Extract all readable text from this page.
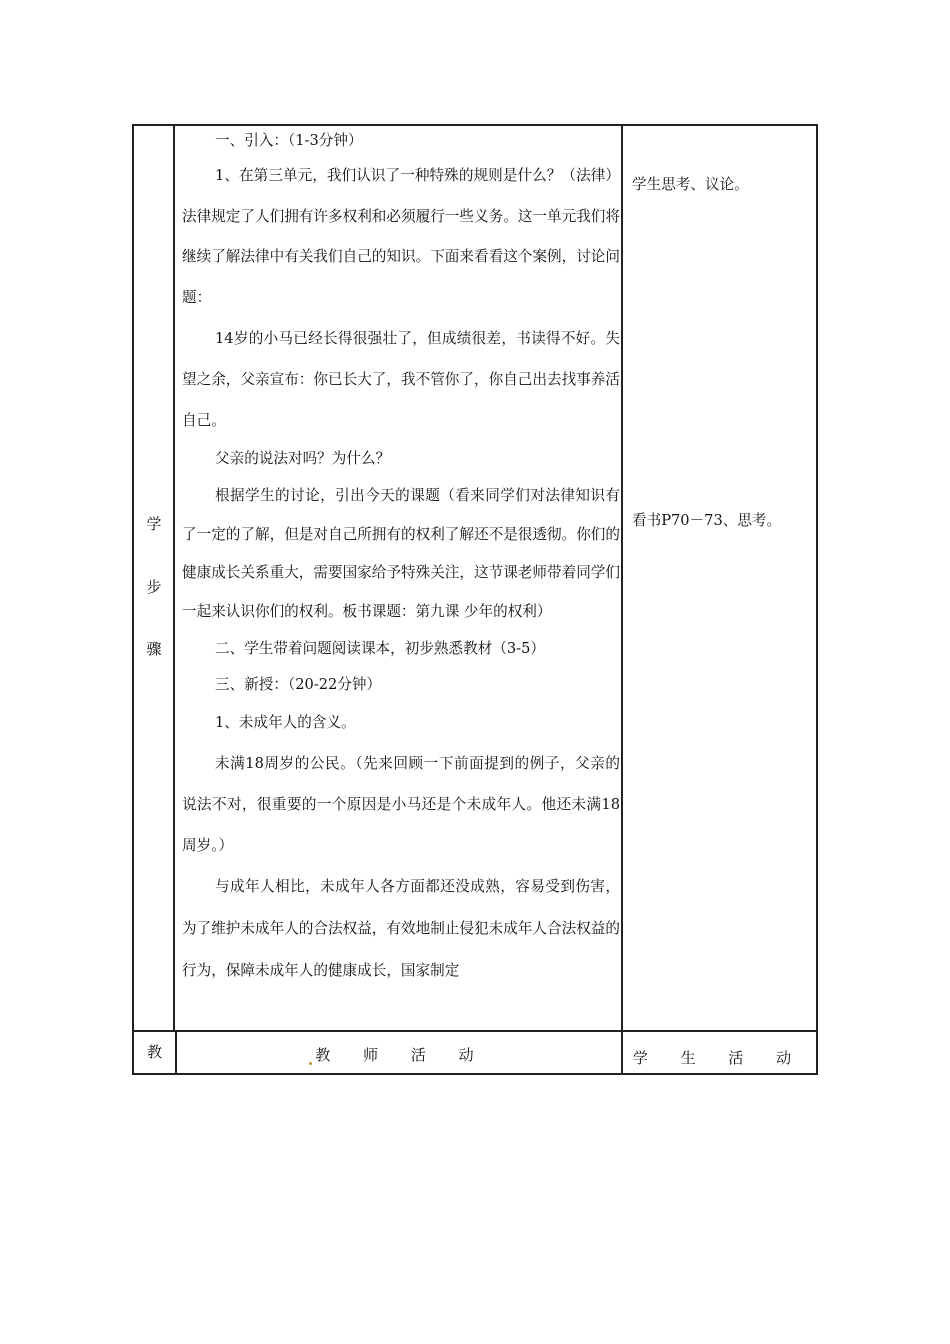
学
步
骤

一、引入：（1-3分钟）

1、在第三单元，我们认识了一种特殊的规则是什么？（法律）法律规定了人们拥有许多权利和必须履行一些义务。这一单元我们将继续了解法律中有关我们自己的知识。下面来看看这个案例，讨论问题：

14岁的小马已经长得很强壮了，但成绩很差，书读得不好。失望之余，父亲宣布：你已长大了，我不管你了，你自己出去找事养活自己。

父亲的说法对吗？为什么？

根据学生的讨论，引出今天的课题（看来同学们对法律知识有了一定的了解，但是对自己所拥有的权利了解还不是很透彻。你们的健康成长关系重大，需要国家给予特殊关注，这节课老师带着同学们一起来认识你们的权利。板书课题：第九课 少年的权利）

二、学生带着问题阅读课本，初步熟悉教材（3-5）

三、新授：（20-22分钟）

1、未成年人的含义。

未满18周岁的公民。（先来回顾一下前面提到的例子，父亲的说法不对，很重要的一个原因是小马还是个未成年人。他还未满18周岁。）

与成年人相比，未成年人各方面都还没成熟，容易受到伤害，为了维护未成年人的合法权益，有效地制止侵犯未成年人合法权益的行为，保障未成年人的健康成长，国家制定

学生思考、议论。
看书P70－73、思考。
教	教 师 活 动	学 生 活 动
